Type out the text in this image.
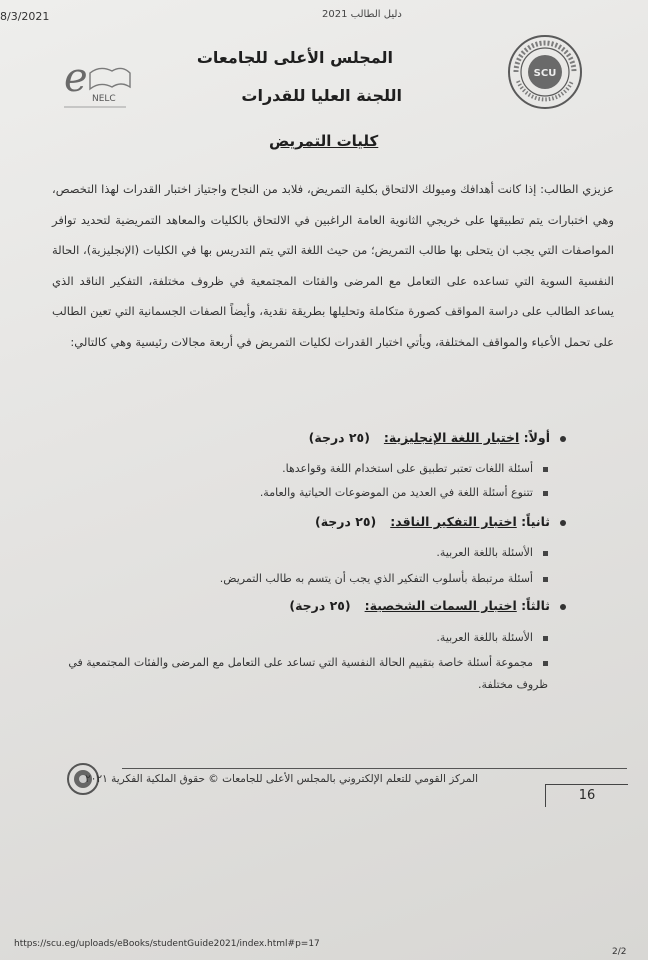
8/3/2021	دليل الطالب 2021
e NELC
SCU
المجلس الأعلى للجامعات
اللجنة العليا للقدرات
كليات التمريض
عزيزي الطالب: إذا كانت أهدافك وميولك الالتحاق بكلية التمريض، فلابد من النجاح واجتياز اختبار القدرات لهذا التخصص، وهي اختبارات يتم تطبيقها على خريجي الثانوية العامة الراغبين في الالتحاق بالكليات والمعاهد التمريضية لتحديد توافر المواصفات التي يجب ان يتحلى بها طالب التمريض؛ من حيث اللغة التي يتم التدريس بها في الكليات (الإنجليزية)، الحالة النفسية السوية التي تساعده على التعامل مع المرضى والفئات المجتمعية في ظروف مختلفة، التفكير الناقد الذي يساعد الطالب على دراسة المواقف كصورة متكاملة وتحليلها بطريقة نقدية، وأيضاً الصفات الجسمانية التي تعين الطالب على تحمل الأعباء والمواقف المختلفة، ويأتي اختبار القدرات لكليات التمريض في أربعة مجالات رئيسية وهي كالتالي:
أولاً: اختبار اللغة الإنجليزية:(٢٥ درجة)
أسئلة اللغات تعتبر تطبيق على استخدام اللغة وقواعدها.
تتنوع أسئلة اللغة في العديد من الموضوعات الحياتية والعامة.
ثانياً: اختبار التفكير الناقد:(٢٥ درجة)
الأسئلة باللغة العربية.
أسئلة مرتبطة بأسلوب التفكير الذي يجب أن يتسم به طالب التمريض.
ثالثاً: اختبار السمات الشخصية:(٢٥ درجة)
الأسئلة باللغة العربية.
مجموعة أسئلة خاصة بتقييم الحالة النفسية التي تساعد على التعامل مع المرضى والفئات المجتمعية في ظروف مختلفة.
المركز القومي للتعلم الإلكتروني بالمجلس الأعلى للجامعات © حقوق الملكية الفكرية ٢٠٢١
16
https://scu.eg/uploads/eBooks/studentGuide2021/index.html#p=17
2/2
